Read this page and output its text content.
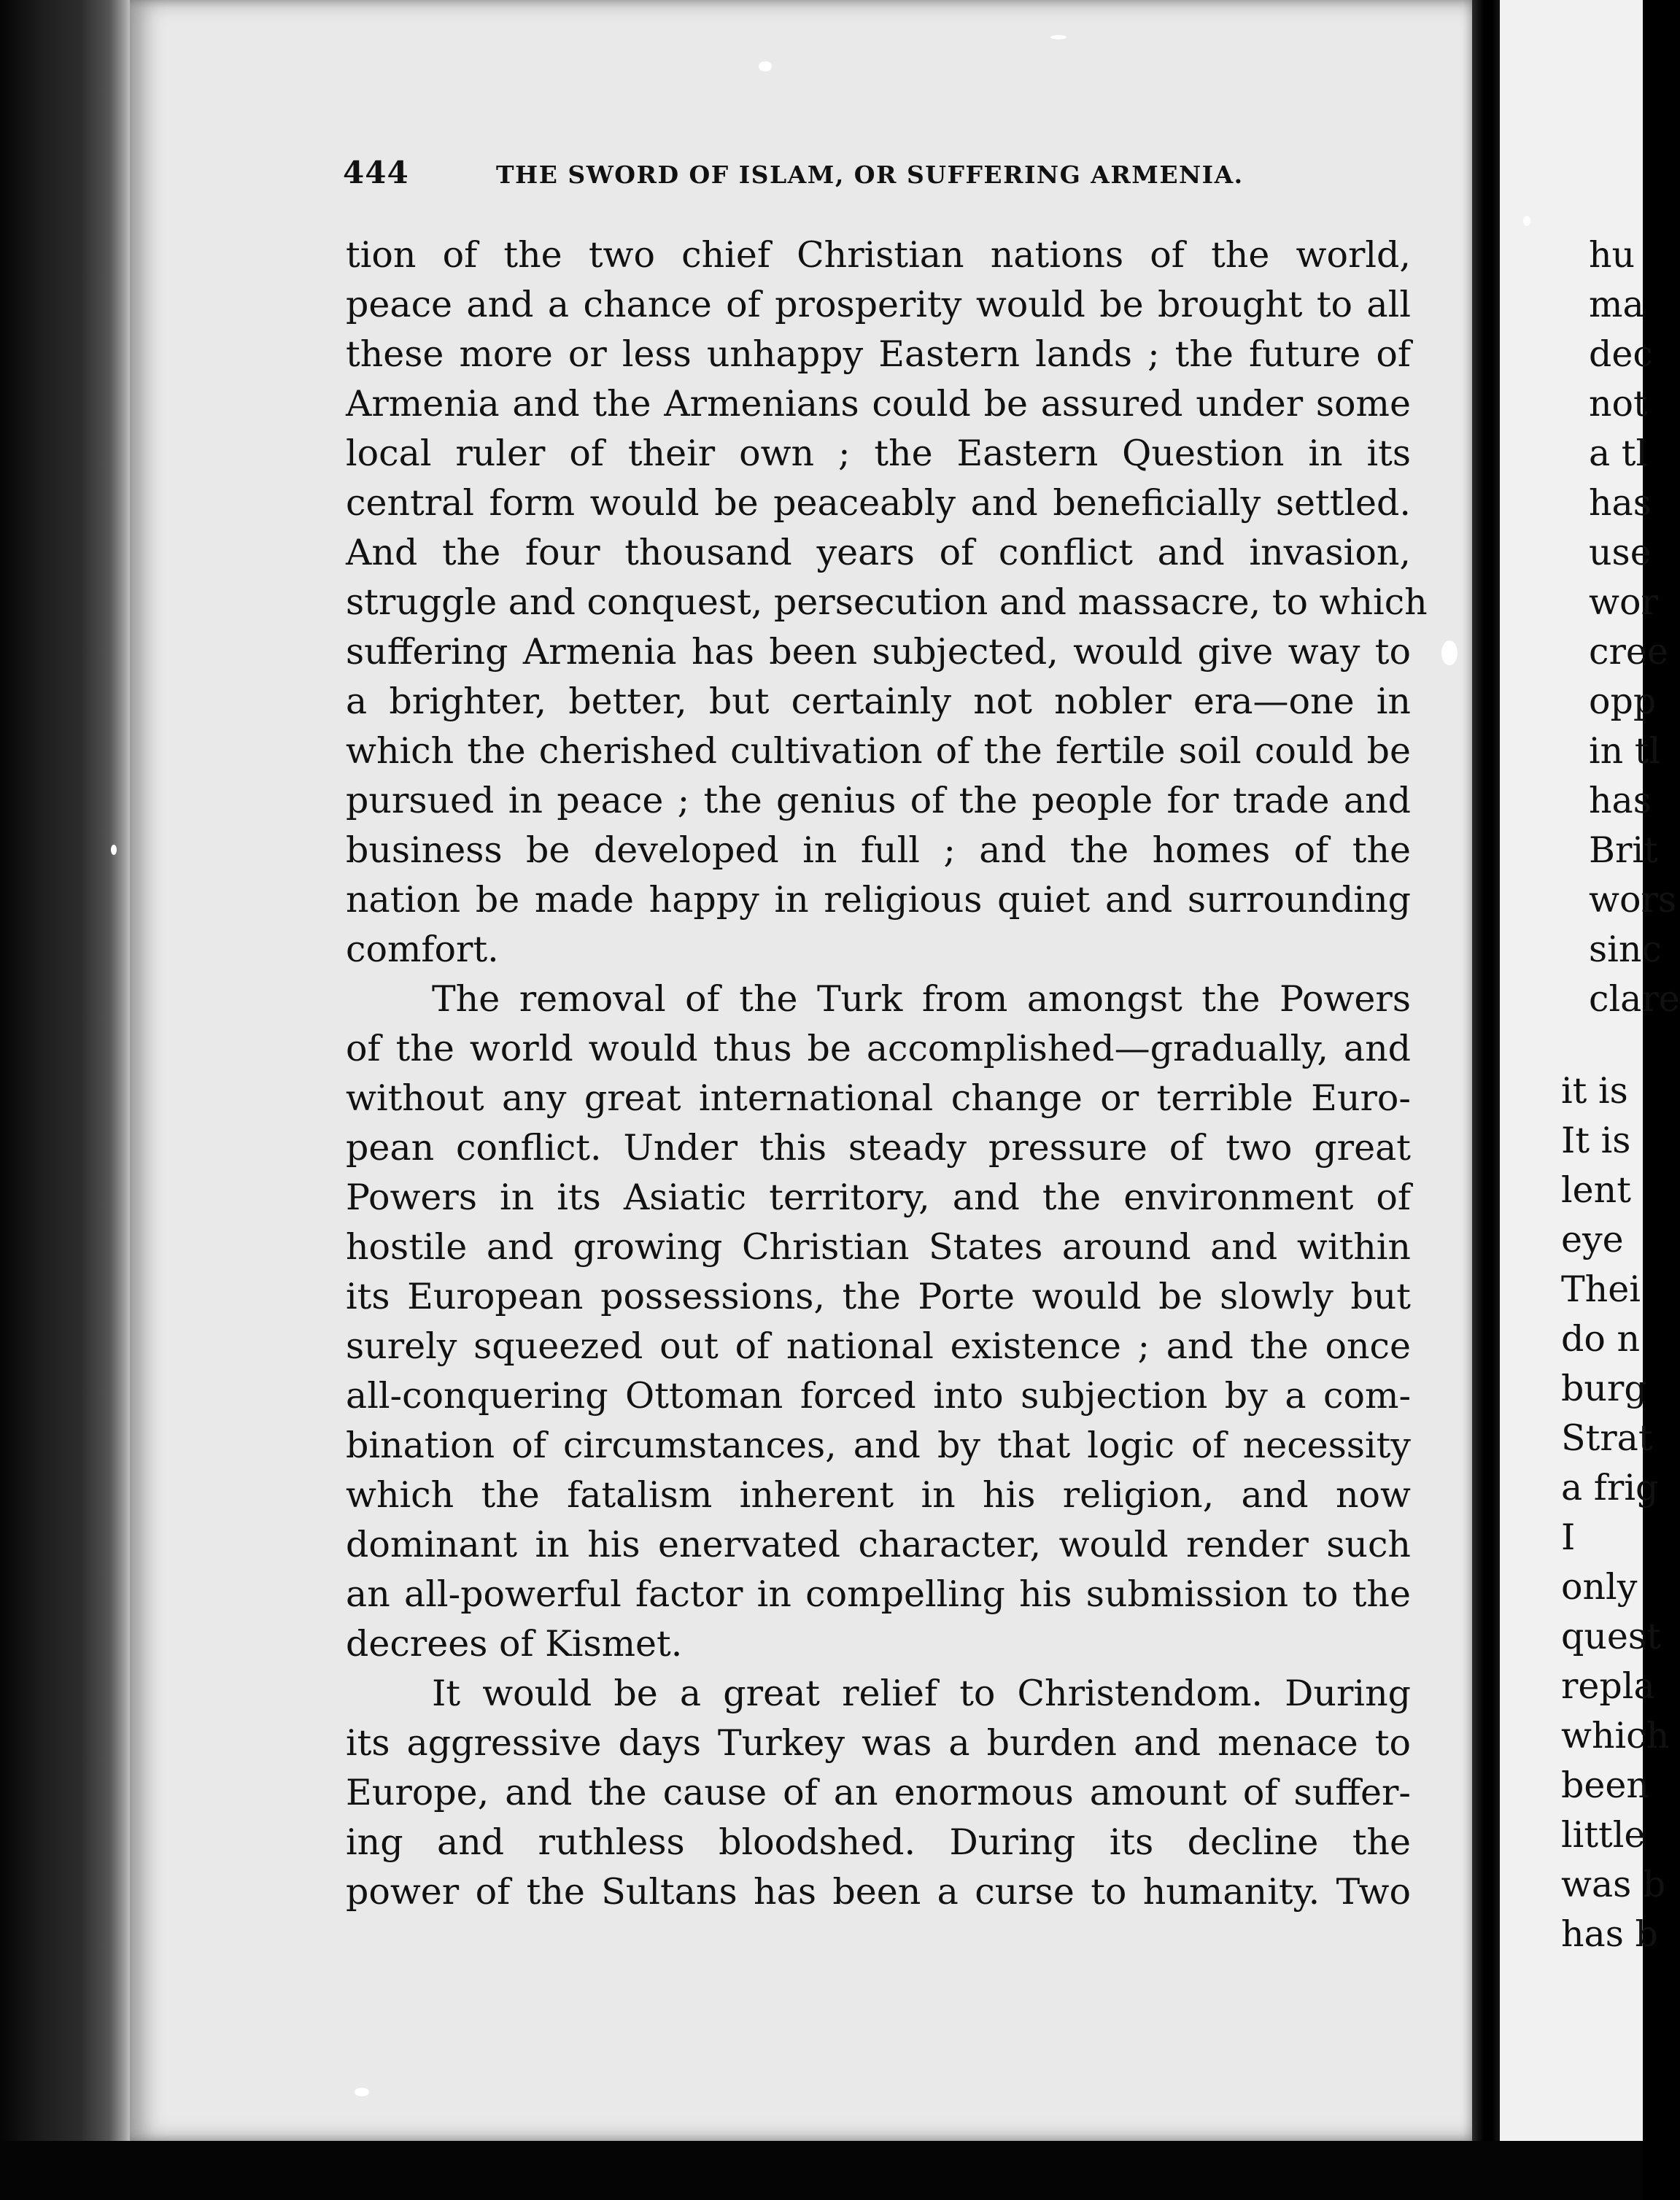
444	THE SWORD OF ISLAM, OR SUFFERING ARMENIA.
tion of the two chief Christian nations of the world,
peace and a chance of prosperity would be brought to all
these more or less unhappy Eastern lands ; the future of
Armenia and the Armenians could be assured under some
local ruler of their own ; the Eastern Question in its
central form would be peaceably and beneficially settled.
And the four thousand years of conflict and invasion,
struggle and conquest, persecution and massacre, to which
suffering Armenia has been subjected, would give way to
a brighter, better, but certainly not nobler era—one in
which the cherished cultivation of the fertile soil could be
pursued in peace ; the genius of the people for trade and
business be developed in full ; and the homes of the
nation be made happy in religious quiet and surrounding
comfort.
The removal of the Turk from amongst the Powers
of the world would thus be accomplished—gradually, and
without any great international change or terrible Euro-
pean conflict. Under this steady pressure of two great
Powers in its Asiatic territory, and the environment of
hostile and growing Christian States around and within
its European possessions, the Porte would be slowly but
surely squeezed out of national existence ; and the once
all-conquering Ottoman forced into subjection by a com-
bination of circumstances, and by that logic of necessity
which the fatalism inherent in his religion, and now
dominant in his enervated character, would render such
an all-powerful factor in compelling his submission to the
decrees of Kismet.
It would be a great relief to Christendom. During
its aggressive days Turkey was a burden and menace to
Europe, and the cause of an enormous amount of suffer-
ing and ruthless bloodshed. During its decline the
power of the Sultans has been a curse to humanity. Two
hu
ma
dec
not
a tl
has
use
wor
cree
opp
in tl
has
Brit
wors
sinc
clare
it is
It is
lent
eye
Thei
do n
burg
Strat
a frig
I
only
quest
repla
which
been
little
was b
has b
